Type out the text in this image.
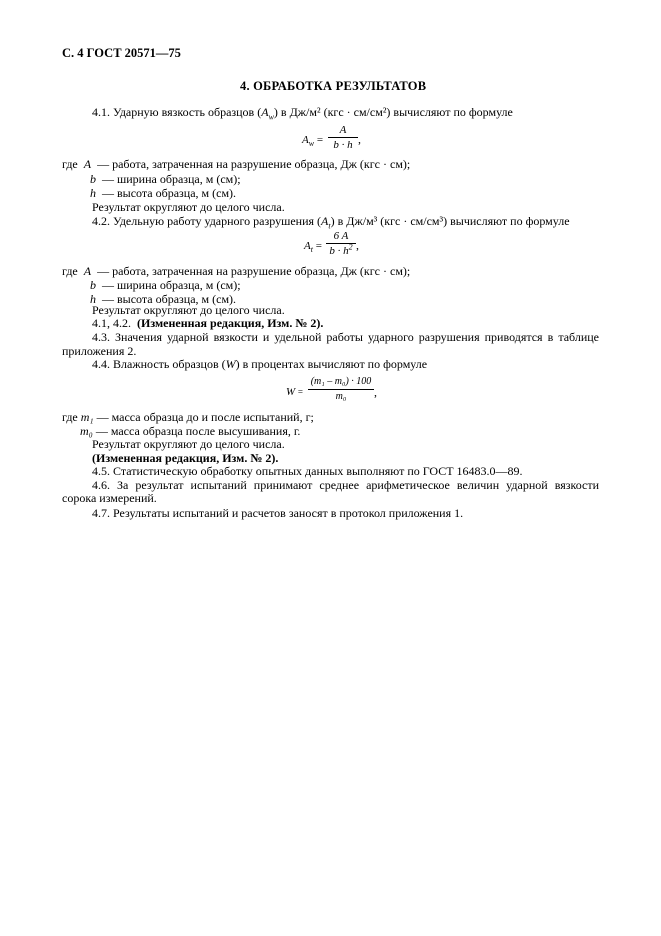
С. 4 ГОСТ 20571—75
4. ОБРАБОТКА РЕЗУЛЬТАТОВ
4.1. Ударную вязкость образцов $(A_w)$ в Дж/м² (кгс · см/см²) вычисляют по формуле
$A_w$ =
A
b · h ,
где A — работа, затраченная на разрушение образца, Дж (кгс · см);
b — ширина образца, м (см);
h — высота образца, м (см).
Результат округляют до целого числа.
4.2. Удельную работу ударного разрушения $(A_t)$ в Дж/м³ (кгс · см/см³) вычисляют по формуле
$A_t$ =
6 A
$b \cdot h^2$ ,
где A — работа, затраченная на разрушение образца, Дж (кгс · см);
b — ширина образца, м (см);
h — высота образца, м (см).
Результат округляют до целого числа.
4.1, 4.2. (Измененная редакция, Изм. № 2).
4.3. Значения ударной вязкости и удельной работы ударного разрушения приводятся в таблице
приложения 2.
4.4. Влажность образцов (W) в процентах вычисляют по формуле
W =
(m₁ – m₀) · 100
m₀	,
где m₁ — масса образца до и после испытаний, г;
m₀ — масса образца после высушивания, г.
Результат округляют до целого числа.
(Измененная редакция, Изм. № 2).
4.5. Статистическую обработку опытных данных выполняют по ГОСТ 16483.0—89.
4.6. За результат испытаний принимают среднее арифметическое величин ударной вязкости
сорока измерений.
4.7. Результаты испытаний и расчетов заносят в протокол приложения 1.
